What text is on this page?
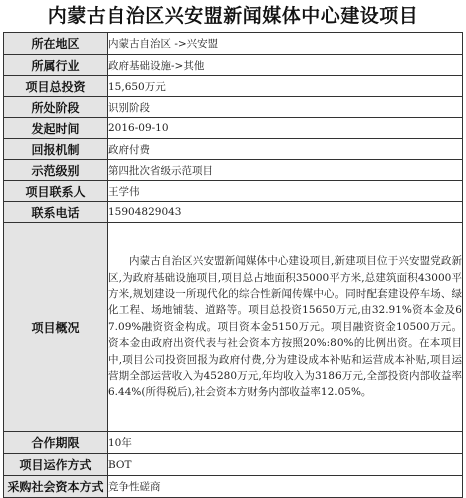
内蒙古自治区兴安盟新闻媒体中心建设项目
所在地区	内蒙古自治区 ->兴安盟
所属行业	政府基础设施->其他
项目总投资	15,650万元
所处阶段	识别阶段
发起时间	2016-09-10
回报机制	政府付费
示范级别	第四批次省级示范项目
项目联系人	王学伟
联系电话	15904829043
项目概况	内蒙古自治区兴安盟新闻媒体中心建设项目,新建项目位于兴安盟党政新区,为政府基础设施项目,项目总占地面积35000平方米,总建筑面积43000平方米,规划建设一所现代化的综合性新闻传媒中心。同时配套建设停车场、绿化工程、场地铺装、道路等。项目总投资15650万元,由32.91%资本金及67.09%融资资金构成。项目资本金5150万元。项目融资资金10500万元。资本金由政府出资代表与社会资本方按照20%:80%的比例出资。在本项目中,项目公司投资回报为政府付费,分为建设成本补贴和运营成本补贴,项目运营期全部运营收入为45280万元,年均收入为3186万元,全部投资内部收益率6.44%(所得税后),社会资本方财务内部收益率12.05%。
合作期限	10年
项目运作方式	BOT
采购社会资本方式	竞争性磋商
